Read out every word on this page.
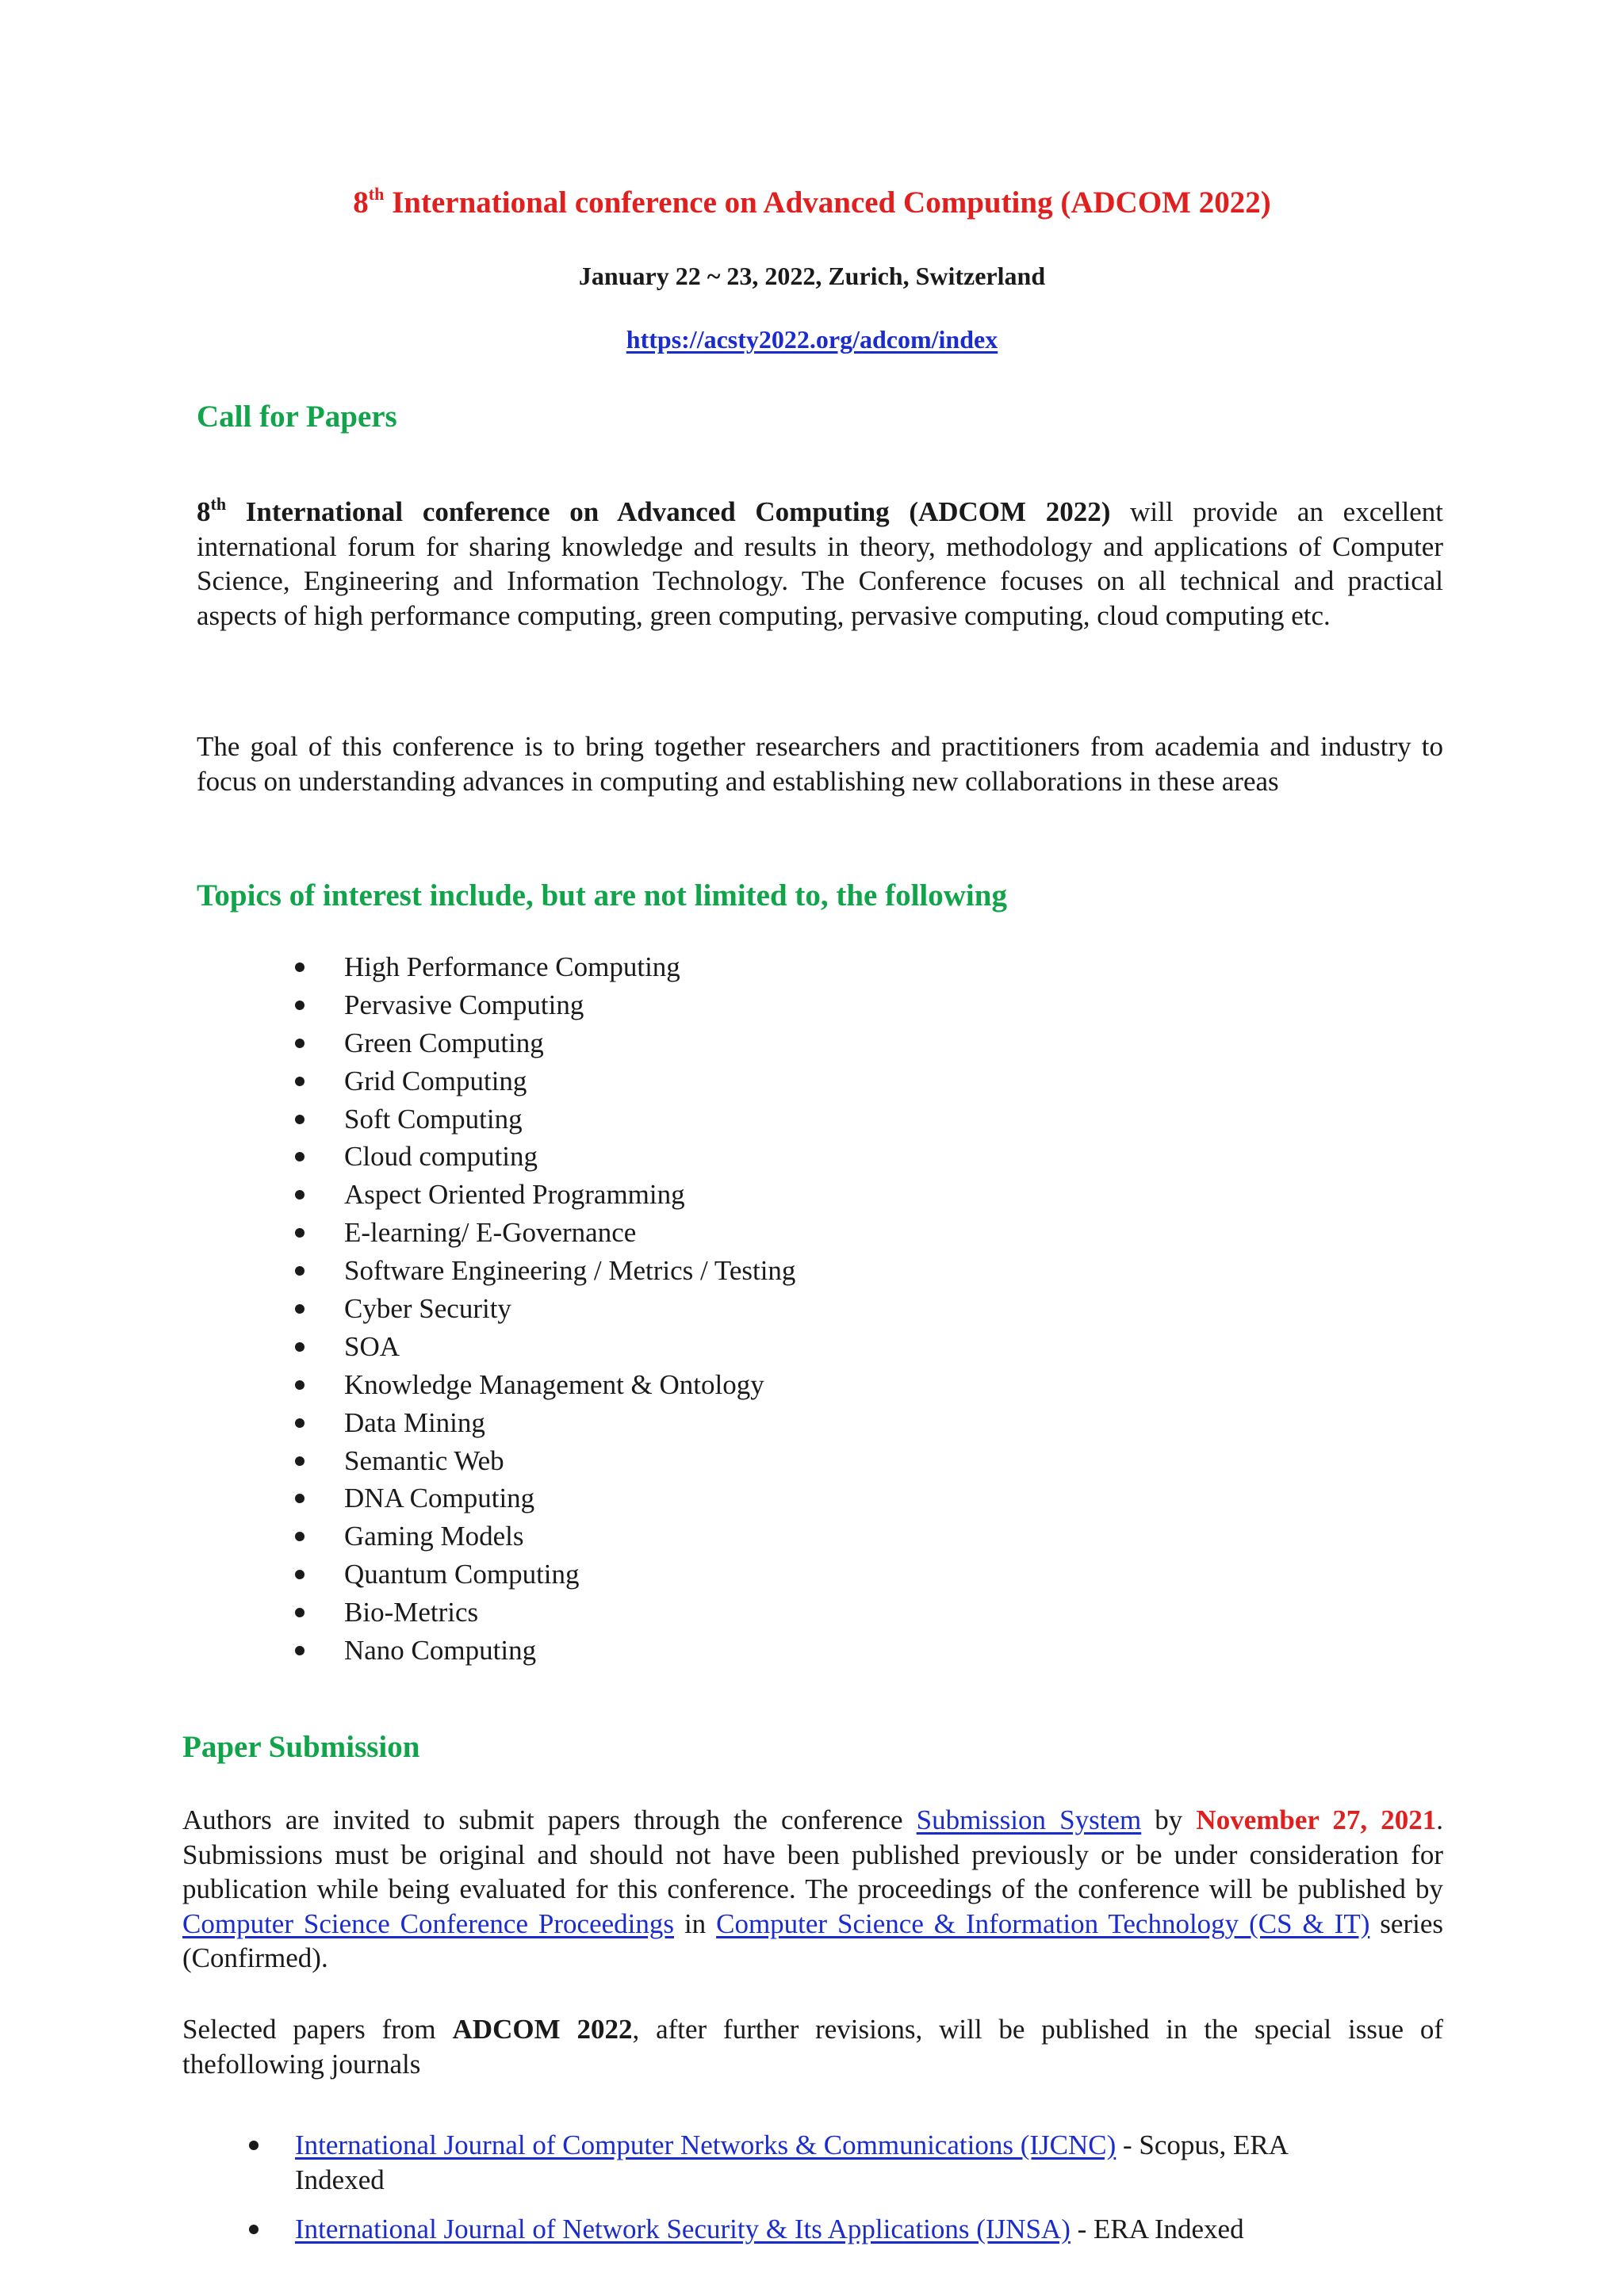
8th International conference on Advanced Computing (ADCOM 2022)
January 22 ~ 23, 2022, Zurich, Switzerland
https://acsty2022.org/adcom/index
Call for Papers
8th International conference on Advanced Computing (ADCOM 2022) will provide an excellent international forum for sharing knowledge and results in theory, methodology and applications of Computer Science, Engineering and Information Technology. The Conference focuses on all technical and practical aspects of high performance computing, green computing, pervasive computing, cloud computing etc.
The goal of this conference is to bring together researchers and practitioners from academia and industry to focus on understanding advances in computing and establishing new collaborations in these areas
Topics of interest include, but are not limited to, the following
High Performance Computing
Pervasive Computing
Green Computing
Grid Computing
Soft Computing
Cloud computing
Aspect Oriented Programming
E-learning/ E-Governance
Software Engineering / Metrics / Testing
Cyber Security
SOA
Knowledge Management & Ontology
Data Mining
Semantic Web
DNA Computing
Gaming Models
Quantum Computing
Bio-Metrics
Nano Computing
Paper Submission
Authors are invited to submit papers through the conference Submission System by November 27, 2021. Submissions must be original and should not have been published previously or be under consideration for publication while being evaluated for this conference. The proceedings of the conference will be published by Computer Science Conference Proceedings in Computer Science & Information Technology (CS & IT) series (Confirmed).
Selected papers from ADCOM 2022, after further revisions, will be published in the special issue of thefollowing journals
International Journal of Computer Networks & Communications (IJCNC) - Scopus, ERA Indexed
International Journal of Network Security & Its Applications (IJNSA) - ERA Indexed
